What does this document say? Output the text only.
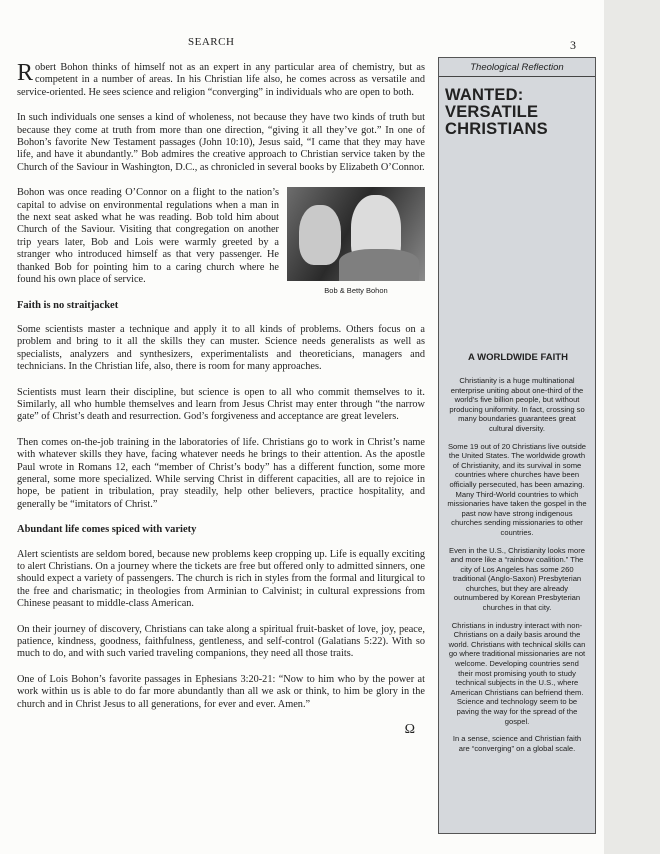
SEARCH	3

Robert Bohon thinks of himself not as an expert in any particular area of chemistry, but as competent in a number of areas. In his Christian life also, he comes across as versatile and service-oriented. He sees science and religion “converging” in individuals who are open to both.

In such individuals one senses a kind of wholeness, not because they have two kinds of truth but because they come at truth from more than one direction, “giving it all they’ve got.” In one of Bohon’s favorite New Testament passages (John 10:10), Jesus said, “I came that they may have life, and have it abundantly.” Bob admires the creative approach to Christian service taken by the Church of the Saviour in Washington, D.C., as chronicled in several books by Elizabeth O’Connor.

Bob & Betty Bohon

Bohon was once reading O’Connor on a flight to the nation’s capital to advise on environmental regulations when a man in the next seat asked what he was reading. Bob told him about Church of the Saviour. Visiting that congregation on another trip years later, Bob and Lois were warmly greeted by a stranger who introduced himself as that very passenger. He thanked Bob for pointing him to a caring church where he found his own place of service.

Faith is no straitjacket

Some scientists master a technique and apply it to all kinds of problems. Others focus on a problem and bring to it all the skills they can muster. Science needs generalists as well as specialists, analyzers and synthesizers, experimentalists and theoreticians, managers and technicians. In the Christian life, also, there is room for many approaches.

Scientists must learn their discipline, but science is open to all who commit themselves to it. Similarly, all who humble themselves and learn from Jesus Christ may enter through “the narrow gate” of Christ’s death and resurrection. God’s forgiveness and acceptance are great levelers.

Then comes on-the-job training in the laboratories of life. Christians go to work in Christ’s name with whatever skills they have, facing whatever needs he brings to their attention. As the apostle Paul wrote in Romans 12, each “member of Christ’s body” has a different function, some more general, some more specialized. While serving Christ in different capacities, all are to rejoice in hope, be patient in tribulation, pray steadily, help other believers, practice hospitality, and generally be “imitators of Christ.”

Abundant life comes spiced with variety

Alert scientists are seldom bored, because new problems keep cropping up. Life is equally exciting to alert Christians. On a journey where the tickets are free but offered only to admitted sinners, one should expect a variety of passengers. The church is rich in styles from the formal and liturgical to the free and charismatic; in theologies from Arminian to Calvinist; in cultural expressions from Chinese peasant to middle-class American.

On their journey of discovery, Christians can take along a spiritual fruit-basket of love, joy, peace, patience, kindness, goodness, faithfulness, gentleness, and self-control (Galatians 5:22). With so much to do, and with such varied traveling companions, they need all those traits.

One of Lois Bohon’s favorite passages in Ephesians 3:20-21: “Now to him who by the power at work within us is able to do far more abundantly than all we ask or think, to him be glory in the church and in Christ Jesus to all generations, for ever and ever. Amen.”

Ω
Theological Reflection
WANTED:
VERSATILE
CHRISTIANS
A WORLDWIDE FAITH

Christianity is a huge multinational enterprise uniting about one-third of the world’s five billion people, but without producing uniformity. In fact, crossing so many boundaries guarantees great cultural diversity.

Some 19 out of 20 Christians live outside the United States. The worldwide growth of Christianity, and its survival in some countries where churches have been officially persecuted, has been amazing. Many Third-World countries to which missionaries have taken the gospel in the past now have strong indigenous churches sending missionaries to other countries.

Even in the U.S., Christianity looks more and more like a “rainbow coalition.” The city of Los Angeles has some 260 traditional (Anglo-Saxon) Presbyterian churches, but they are already outnumbered by Korean Presbyterian churches in that city.

Christians in industry interact with non-Christians on a daily basis around the world. Christians with technical skills can go where traditional missionaries are not welcome. Developing countries send their most promising youth to study technical subjects in the U.S., where American Christians can befriend them. Science and technology seem to be paving the way for the spread of the gospel.

In a sense, science and Christian faith are “converging” on a global scale.
